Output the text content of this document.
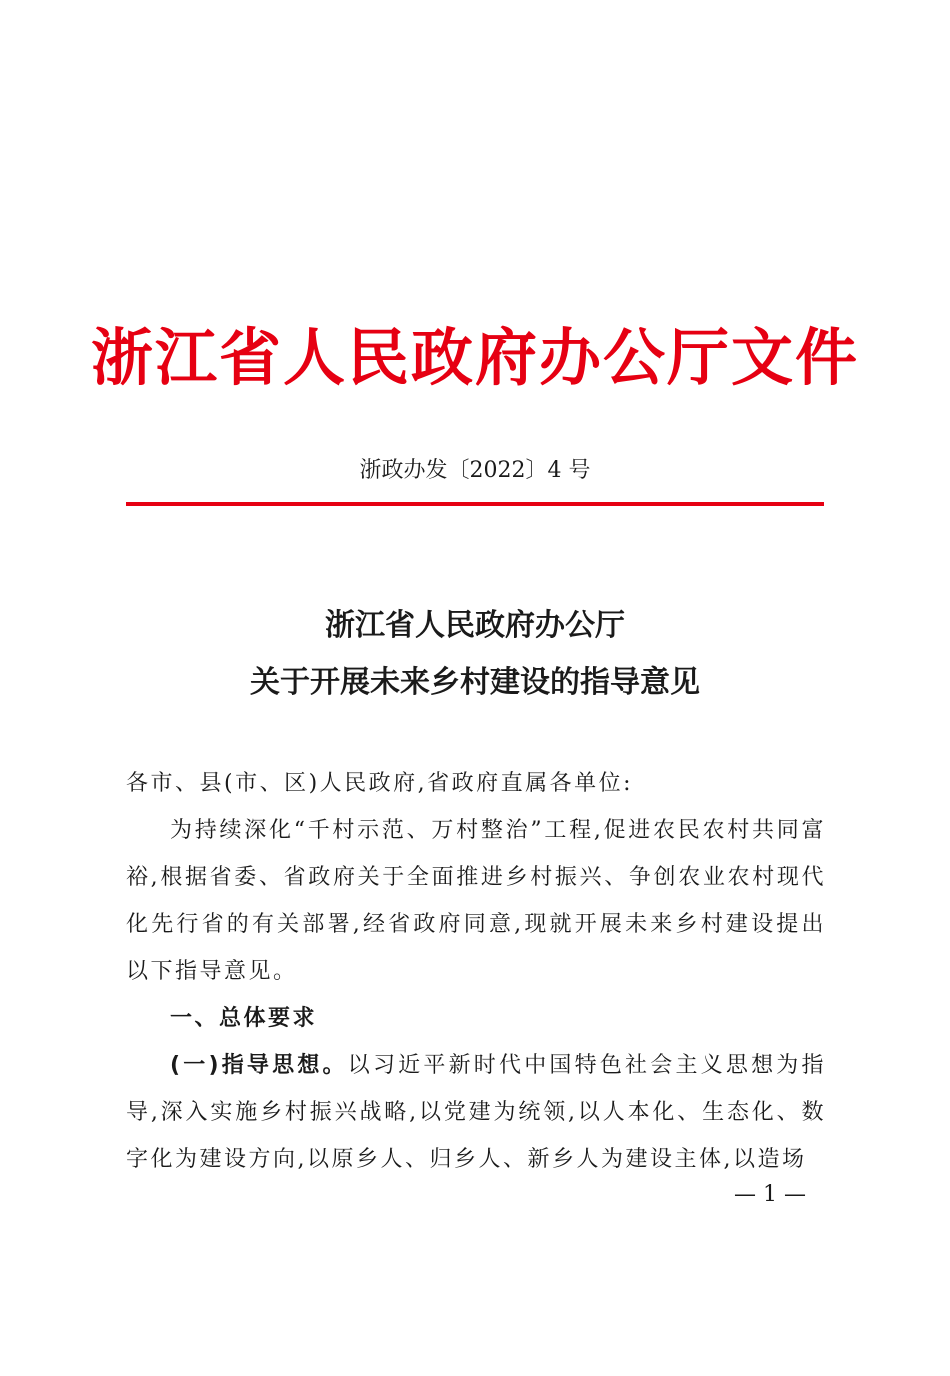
浙江省人民政府办公厅文件
浙政办发〔2022〕4 号
浙江省人民政府办公厅
关于开展未来乡村建设的指导意见

各市、县(市、区)人民政府,省政府直属各单位:

为持续深化“千村示范、万村整治”工程,促进农民农村共同富裕,根据省委、省政府关于全面推进乡村振兴、争创农业农村现代化先行省的有关部署,经省政府同意,现就开展未来乡村建设提出以下指导意见。

一、总体要求

(一)指导思想。以习近平新时代中国特色社会主义思想为指导,深入实施乡村振兴战略,以党建为统领,以人本化、生态化、数字化为建设方向,以原乡人、归乡人、新乡人为建设主体,以造场

— 1 —
